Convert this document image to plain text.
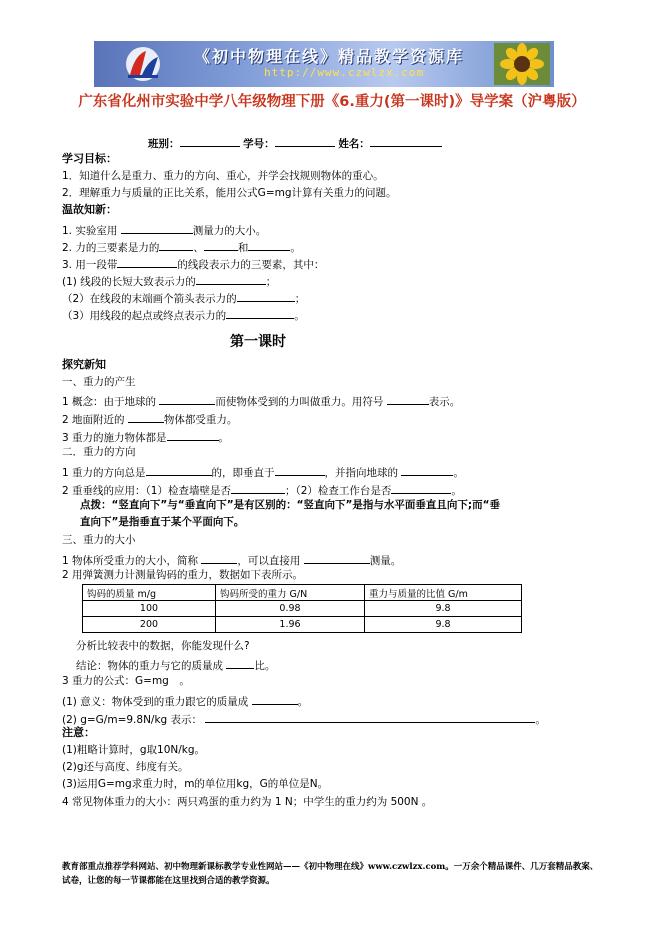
《初中物理在线》精品教学资源库
http://www.czwlzx.com
广东省化州市实验中学八年级物理下册《6.重力(第一课时)》导学案（沪粤版）
班别：	学号：	姓名：
学习目标：
1．知道什么是重力、重力的方向、重心，并学会找规则物体的重心。
2．理解重力与质量的正比关系，能用公式G=mg计算有关重力的问题。
温故知新：
1. 实验室用	测量力的大小。
2. 力的三要素是力的	、	和	。
3. 用一段带	的线段表示力的三要素，其中：
(1) 线段的长短大致表示力的	；
（2）在线段的末端画个箭头表示力的	；
（3）用线段的起点或终点表示力的	。
第一课时
探究新知
一、重力的产生
1 概念：由于地球的	而使物体受到的力叫做重力。用符号	表示。
2 地面附近的	物体都受重力。
3 重力的施力物体都是	。
二．重力的方向
1 重力的方向总是	的，即垂直于	，并指向地球的	。
2 重垂线的应用：（1）检查墙壁是否	；（2）检查工作台是否	。
点拨：“竖直向下”与“垂直向下”是有区别的：“竖直向下”是指与水平面垂直且向下;而“垂
直向下”是指垂直于某个平面向下。
三、重力的大小
1 物体所受重力的大小，简称	，可以直接用	测量。
2 用弹簧测力计测量钩码的重力，数据如下表所示。
钩码的质量 m/g	钩码所受的重力 G/N	重力与质量的比值 G/m
100	0.98	9.8
200	1.96	9.8
分析比较表中的数据，你能发现什么?
结论：物体的重力与它的质量成	比。
3 重力的公式：G=mg　。
(1) 意义：物体受到的重力跟它的质量成	。
(2) g=G/m=9.8N/kg 表示：	。
注意：
(1)粗略计算时，g取10N/kg。
(2)g还与高度、纬度有关。
(3)运用G=mg求重力时，m的单位用kg，G的单位是N。
4 常见物体重力的大小：两只鸡蛋的重力约为 1 N；中学生的重力约为 500N 。
教育部重点推荐学科网站、初中物理新课标教学专业性网站——《初中物理在线》www.czwlzx.com。一万余个精品课件、几万套精品教案、试卷，让您的每一节课都能在这里找到合适的教学资源。
